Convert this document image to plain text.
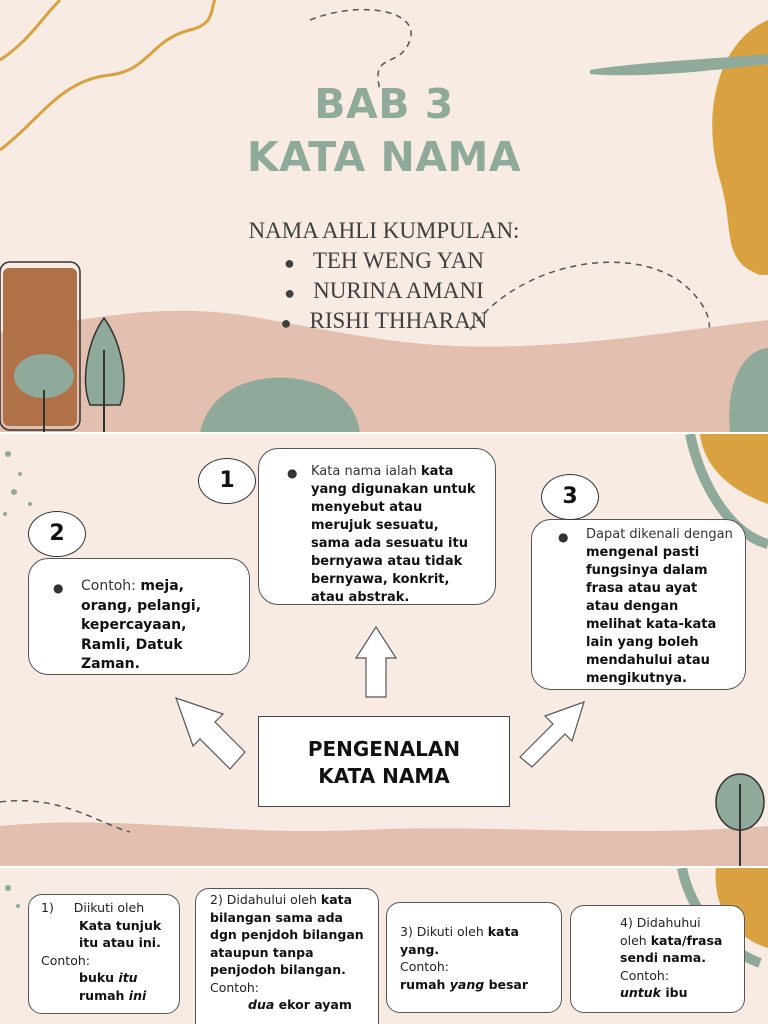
BAB 3
KATA NAMA
NAMA AHLI KUMPULAN:
● TEH WENG YAN
● NURINA AMANI
● RISHI THHARAN
● Kata nama ialah kata yang digunakan untuk menyebut atau merujuk sesuatu, sama ada sesuatu itu bernyawa atau tidak bernyawa, konkrit, atau abstrak.
1
● Contoh: meja, orang, pelangi, kepercayaan, Ramli, Datuk Zaman.
2	● Dapat dikenali dengan mengenal pasti fungsinya dalam frasa atau ayat atau dengan melihat kata-kata lain yang boleh mendahului atau mengikutnya.
3
PENGENALAN
KATA NAMA
1) Diikuti oleh
Kata tunjuk
itu atau ini.
Contoh:
buku itu
rumah ini
2) Didahului oleh kata
bilangan sama ada dgn penjdoh bilangan ataupun tanpa penjodoh bilangan.
Contoh:
dua ekor ayam
3) Dikuti oleh kata
yang.
Contoh:
rumah yang besar
4) Didahuhui
oleh kata/frasa
sendi nama.
Contoh:
untuk ibu
